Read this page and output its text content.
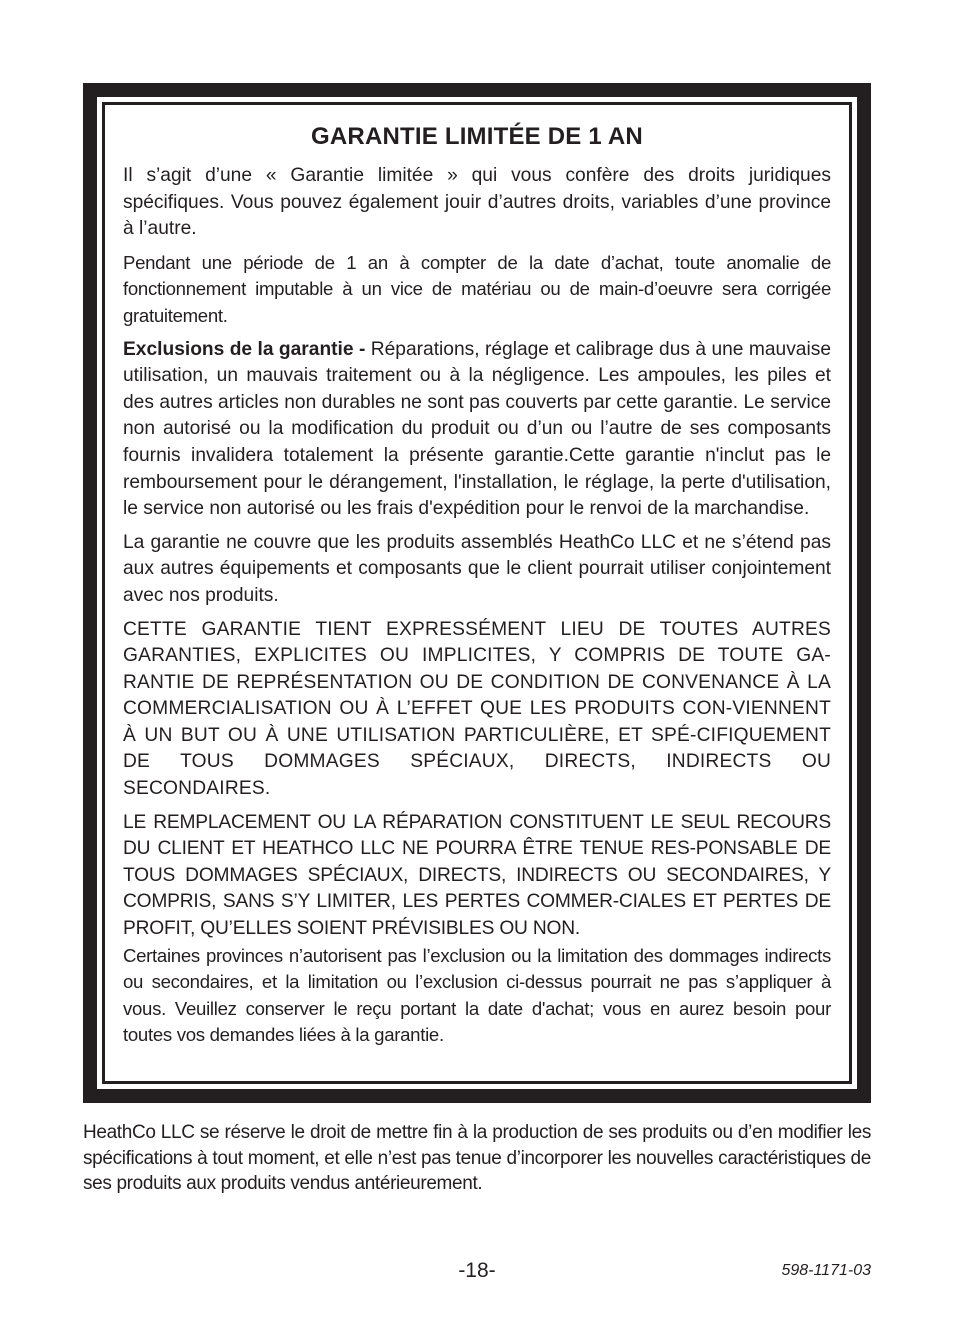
GARANTIE LIMITÉE DE 1 AN

Il s’agit d’une « Garantie limitée » qui vous confère des droits juridiques spécifiques. Vous pouvez également jouir d’autres droits, variables d’une province à l’autre.

Pendant une période de 1 an à compter de la date d’achat, toute anomalie de fonctionnement imputable à un vice de matériau ou de main-d’oeuvre sera corrigée gratuitement.

Exclusions de la garantie - Réparations, réglage et calibrage dus à une mauvaise utilisation, un mauvais traitement ou à la négligence. Les ampoules, les piles et des autres articles non durables ne sont pas couverts par cette garantie. Le service non autorisé ou la modification du produit ou d’un ou l’autre de ses composants fournis invalidera totalement la présente garantie.Cette garantie n'inclut pas le remboursement pour le dérangement, l'installation, le réglage, la perte d'utilisation, le service non autorisé ou les frais d'expédition pour le renvoi de la marchandise.

La garantie ne couvre que les produits assemblés HeathCo LLC et ne s’étend pas aux autres équipements et composants que le client pourrait utiliser conjointement avec nos produits.

CETTE GARANTIE TIENT EXPRESSÉMENT LIEU DE TOUTES AUTRES GARANTIES, EXPLICITES OU IMPLICITES, Y COMPRIS DE TOUTE GA-RANTIE DE REPRÉSENTATION OU DE CONDITION DE CONVENANCE À LA COMMERCIALISATION OU À L’EFFET QUE LES PRODUITS CON-VIENNENT À UN BUT OU À UNE UTILISATION PARTICULIÈRE, ET SPÉ-CIFIQUEMENT DE TOUS DOMMAGES SPÉCIAUX, DIRECTS, INDIRECTS OU SECONDAIRES.

LE REMPLACEMENT OU LA RÉPARATION CONSTITUENT LE SEUL RECOURS DU CLIENT ET HEATHCO LLC NE POURRA ÊTRE TENUE RES-PONSABLE DE TOUS DOMMAGES SPÉCIAUX, DIRECTS, INDIRECTS OU SECONDAIRES, Y COMPRIS, SANS S’Y LIMITER, LES PERTES COMMER-CIALES ET PERTES DE PROFIT, QU’ELLES SOIENT PRÉVISIBLES OU NON.

Certaines provinces n’autorisent pas l’exclusion ou la limitation des dommages indirects ou secondaires, et la limitation ou l’exclusion ci-dessus pourrait ne pas s’appliquer à vous. Veuillez conserver le reçu portant la date d'achat; vous en aurez besoin pour toutes vos demandes liées à la garantie.

HeathCo LLC se réserve le droit de mettre fin à la production de ses produits ou d’en modifier les spécifications à tout moment, et elle n’est pas tenue d’incorporer les nouvelles caractéristiques de ses produits aux produits vendus antérieurement.

-18-	598-1171-03
